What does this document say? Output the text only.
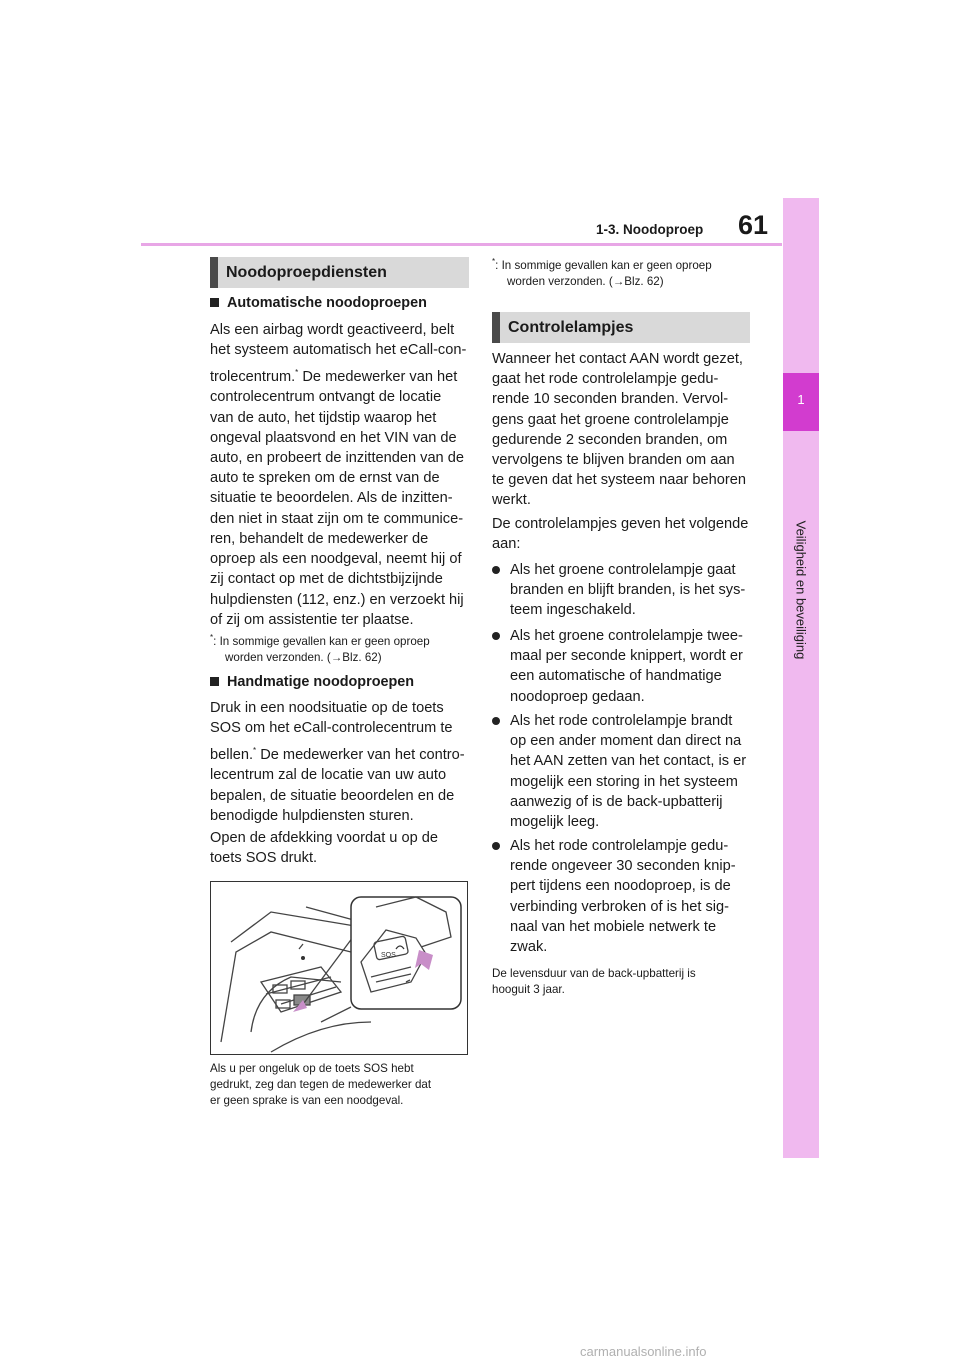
1-3. Noodoproep 61
1
Veiligheid en beveiliging
Noodoproepdiensten
Automatische noodoproepen
Als een airbag wordt geactiveerd, belt
het systeem automatisch het eCall-con-
trolecentrum.* De medewerker van het
controlecentrum ontvangt de locatie
van de auto, het tijdstip waarop het
ongeval plaatsvond en het VIN van de
auto, en probeert de inzittenden van de
auto te spreken om de ernst van de
situatie te beoordelen. Als de inzitten-
den niet in staat zijn om te communice-
ren, behandelt de medewerker de
oproep als een noodgeval, neemt hij of
zij contact op met de dichtstbijzijnde
hulpdiensten (112, enz.) en verzoekt hij
of zij om assistentie ter plaatse.
*: In sommige gevallen kan er geen oproep
worden verzonden. (→Blz. 62)
Handmatige noodoproepen
Druk in een noodsituatie op de toets
SOS om het eCall-controlecentrum te
bellen.* De medewerker van het contro-
lecentrum zal de locatie van uw auto
bepalen, de situatie beoordelen en de
benodigde hulpdiensten sturen.
Open de afdekking voordat u op de
toets SOS drukt.
SOS
Als u per ongeluk op de toets SOS hebt
gedrukt, zeg dan tegen de medewerker dat
er geen sprake is van een noodgeval.
*: In sommige gevallen kan er geen oproep
worden verzonden. (→Blz. 62)
Controlelampjes
Wanneer het contact AAN wordt gezet,
gaat het rode controlelampje gedu-
rende 10 seconden branden. Vervol-
gens gaat het groene controlelampje
gedurende 2 seconden branden, om
vervolgens te blijven branden om aan
te geven dat het systeem naar behoren
werkt.
De controlelampjes geven het volgende
aan:
Als het groene controlelampje gaat
branden en blijft branden, is het sys-
teem ingeschakeld.
Als het groene controlelampje twee-
maal per seconde knippert, wordt er
een automatische of handmatige
noodoproep gedaan.
Als het rode controlelampje brandt
op een ander moment dan direct na
het AAN zetten van het contact, is er
mogelijk een storing in het systeem
aanwezig of is de back-upbatterij
mogelijk leeg.
Als het rode controlelampje gedu-
rende ongeveer 30 seconden knip-
pert tijdens een noodoproep, is de
verbinding verbroken of is het sig-
naal van het mobiele netwerk te
zwak.
De levensduur van de back-upbatterij is
hooguit 3 jaar.
carmanualsonline.info
